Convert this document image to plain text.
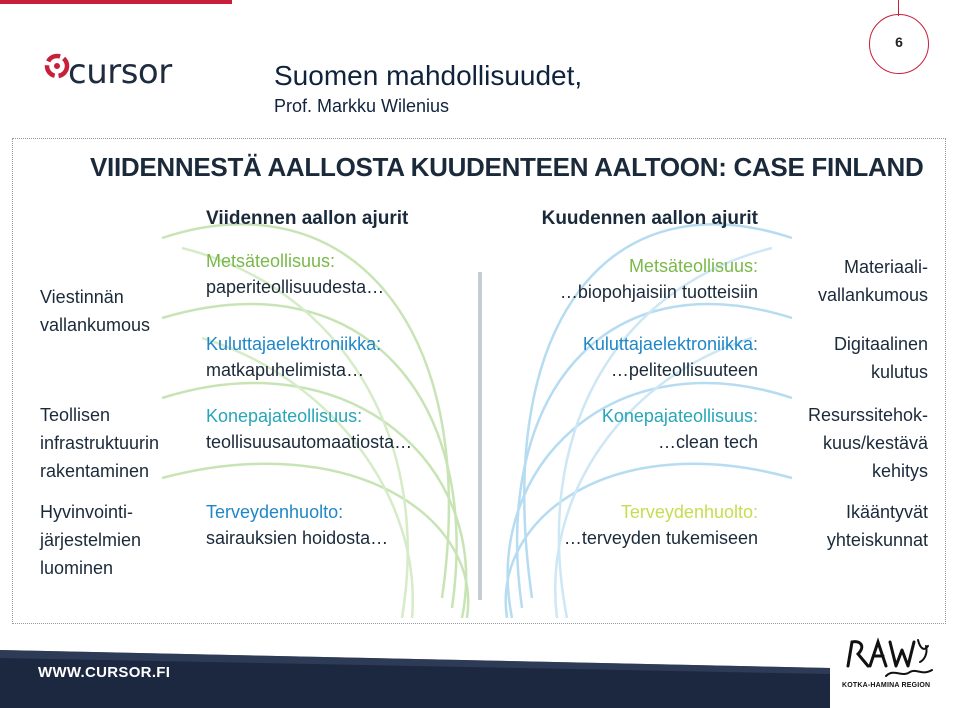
cursor	Suomen mahdollisuudet,
Prof. Markku Wilenius
6
VIIDENNESTÄ AALLOSTA KUUDENTEEN AALTOON: CASE FINLAND
Viidennen aallon ajurit	Kuudennen aallon ajurit
Viestinnän
vallankumous
Teollisen
infrastruktuurin
rakentaminen
Hyvinvointi-
järjestelmien
luominen
Metsäteollisuus:
paperiteollisuudesta…
Kuluttajaelektroniikka:
matkapuhelimista…
Konepajateollisuus:
teollisuusautomaatiosta…
Terveydenhuolto:
sairauksien hoidosta…
Metsäteollisuus:
…biopohjaisiin tuotteisiin
Kuluttajaelektroniikka:
…peliteollisuuteen
Konepajateollisuus:
…clean tech
Terveydenhuolto:
…terveyden tukemiseen
Materiaali-
vallankumous
Digitaalinen
kulutus
Resurssitehok-
kuus/kestävä
kehitys
Ikääntyvät
yhteiskunnat
WWW.CURSOR.FI
KOTKA-HAMINA REGION
